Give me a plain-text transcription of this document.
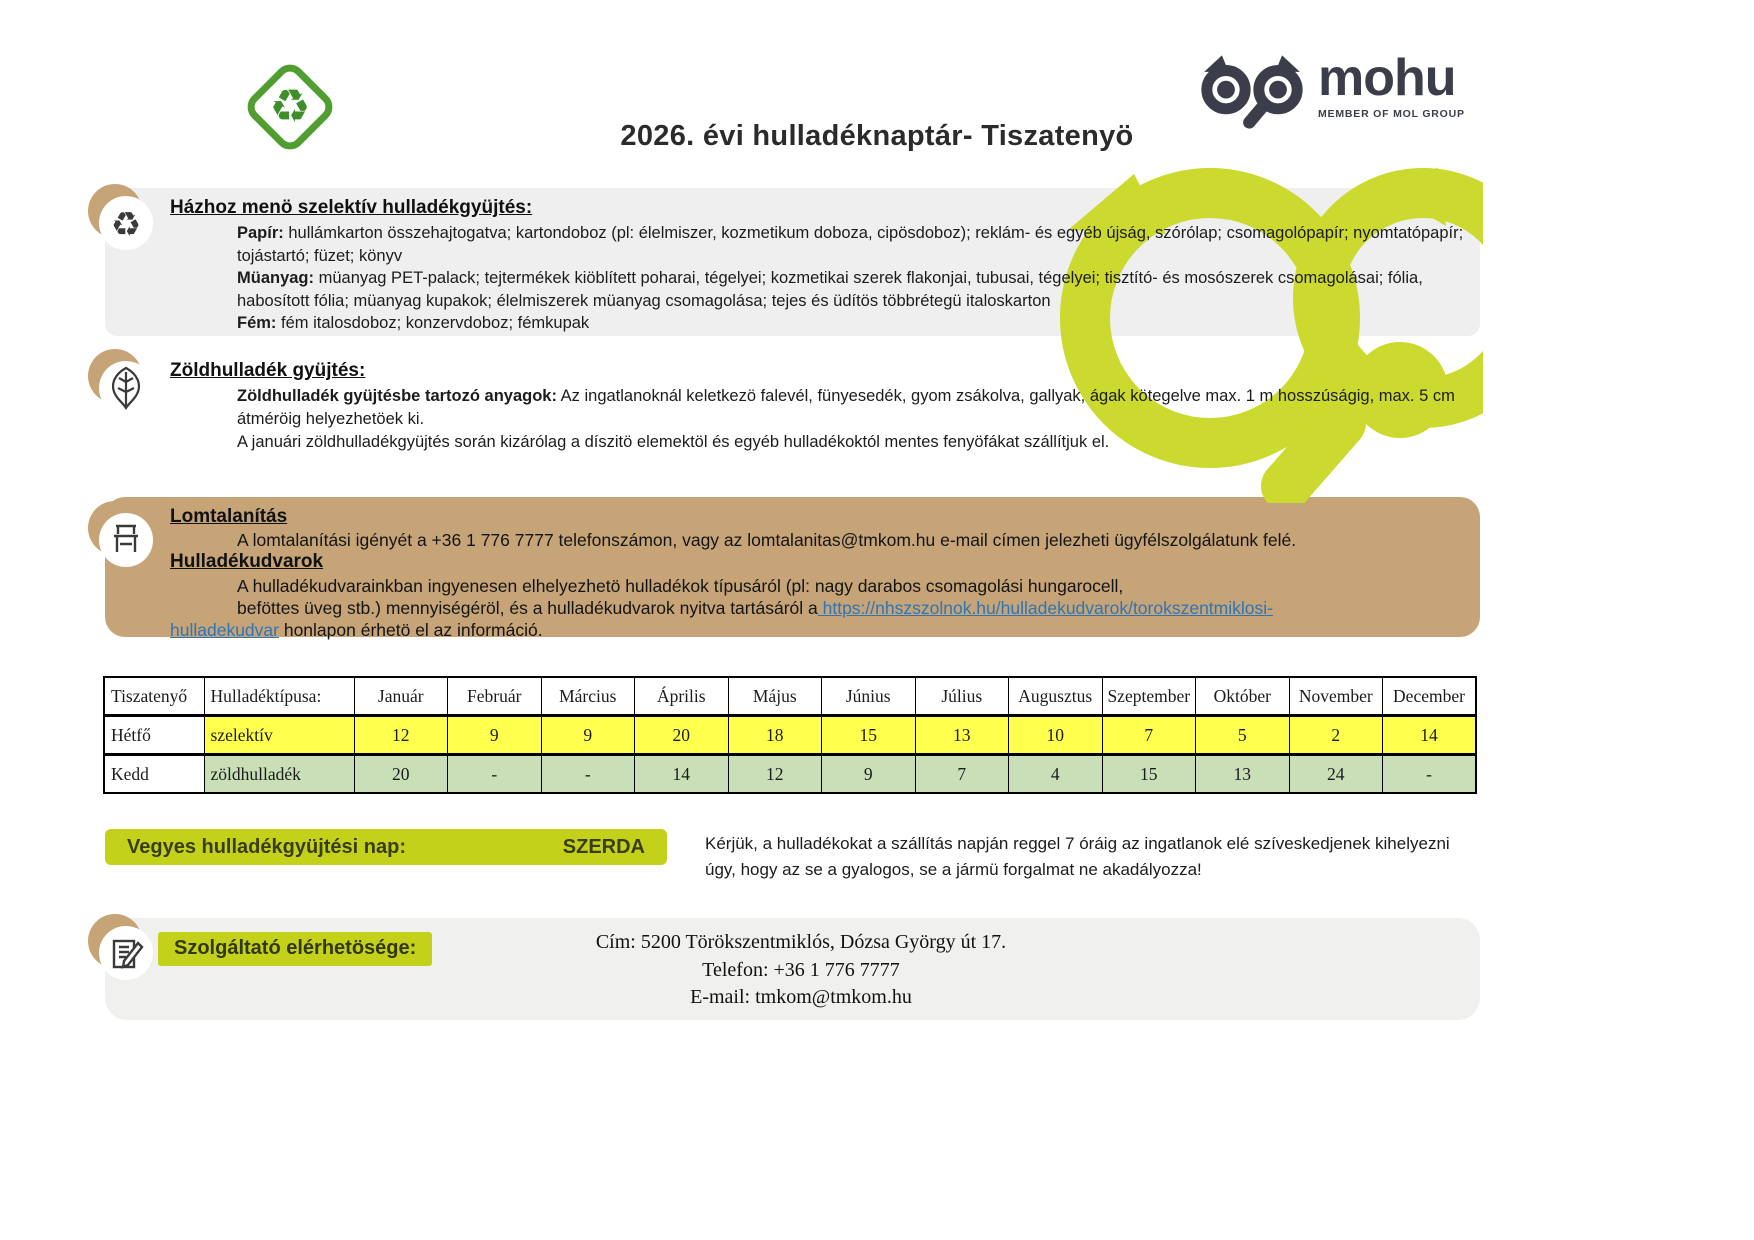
♻
2026. évi hulladéknaptár- Tiszatenyö
mohu
MEMBER OF MOL GROUP
♻ Házhoz menö szelektív hulladékgyüjtés:

Papír: hullámkarton összehajtogatva; kartondoboz (pl: élelmiszer, kozmetikum doboza, cipösdoboz); reklám- és egyéb újság, szórólap; csomagolópapír; nyomtatópapír; tojástartó; füzet; könyv

Müanyag: müanyag PET-palack; tejtermékek kiöblített poharai, tégelyei; kozmetikai szerek flakonjai, tubusai, tégelyei; tisztító- és mosószerek csomagolásai; fólia, habosított fólia; müanyag kupakok; élelmiszerek müanyag csomagolása; tejes és üdítös többrétegü italoskarton

Fém: fém italosdoboz; konzervdoboz; fémkupak

Zöldhulladék gyüjtés:

Zöldhulladék gyüjtésbe tartozó anyagok: Az ingatlanoknál keletkezö falevél, fünyesedék, gyom zsákolva, gallyak, ágak kötegelve max. 1 m hosszúságig, max. 5 cm átméröig helyezhetöek ki.

A januári zöldhulladékgyüjtés során kizárólag a díszitö elemektöl és egyéb hulladékoktól mentes fenyöfákat szállítjuk el.

Lomtalanítás
A lomtalanítási igényét a +36 1 776 7777 telefonszámon, vagy az lomtalanitas@tmkom.hu e-mail címen jelezheti ügyfélszolgálatunk felé.
Hulladékudvarok
A hulladékudvarainkban ingyenesen elhelyezhetö hulladékok típusáról (pl: nagy darabos csomagolási hungarocell,
beföttes üveg stb.) mennyiségéröl, és a hulladékudvarok nyitva tartásáról a https://nhszszolnok.hu/hulladekudvarok/torokszentmiklosi-
hulladekudvar honlapon érhetö el az információ.
Tiszatenyő	Hulladéktípusa:	Január	Február	Március	Április	Május	Június	Július	Augusztus	Szeptember	Október	November	December
Hétfő	szelektív	12	9	9	20	18	15	13	10	7	5	2	14
Kedd	zöldhulladék	20	-	-	14	12	9	7	4	15	13	24	-
Vegyes hulladékgyüjtési nap:	SZERDA	Kérjük, a hulladékokat a szállítás napján reggel 7 óráig az ingatlanok elé szíveskedjenek kihelyezni úgy, hogy az se a gyalogos, se a jármü forgalmat ne akadályozza!
Szolgáltató elérhetösége:	Cím: 5200 Törökszentmiklós, Dózsa György út 17.
Telefon: +36 1 776 7777
E-mail: tmkom@tmkom.hu
